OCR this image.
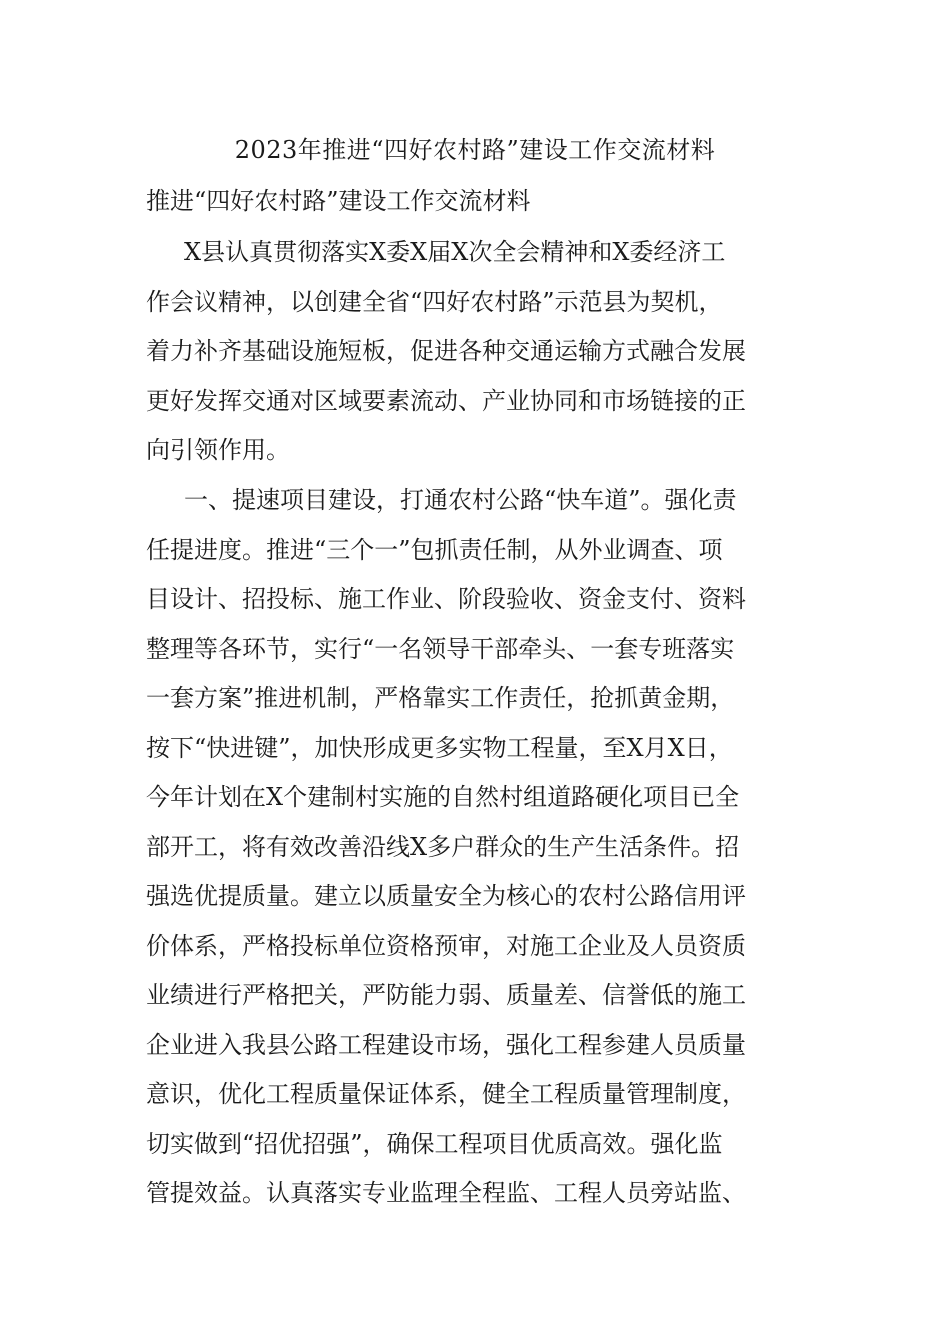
2023年推进“四好农村路”建设工作交流材料
推进“四好农村路”建设工作交流材料
X县认真贯彻落实X委X届X次全会精神和X委经济工
作会议精神，以创建全省“四好农村路”示范县为契机，
着力补齐基础设施短板，促进各种交通运输方式融合发展
更好发挥交通对区域要素流动、产业协同和市场链接的正
向引领作用。
一、提速项目建设，打通农村公路“快车道”。强化责
任提进度。推进“三个一”包抓责任制，从外业调查、项
目设计、招投标、施工作业、阶段验收、资金支付、资料
整理等各环节，实行“一名领导干部牵头、一套专班落实
一套方案”推进机制，严格靠实工作责任，抢抓黄金期，
按下“快进键”，加快形成更多实物工程量，至X月X日，
今年计划在X个建制村实施的自然村组道路硬化项目已全
部开工，将有效改善沿线X多户群众的生产生活条件。招
强选优提质量。建立以质量安全为核心的农村公路信用评
价体系，严格投标单位资格预审，对施工企业及人员资质
业绩进行严格把关，严防能力弱、质量差、信誉低的施工
企业进入我县公路工程建设市场，强化工程参建人员质量
意识，优化工程质量保证体系，健全工程质量管理制度，
切实做到“招优招强”，确保工程项目优质高效。强化监
管提效益。认真落实专业监理全程监、工程人员旁站监、
